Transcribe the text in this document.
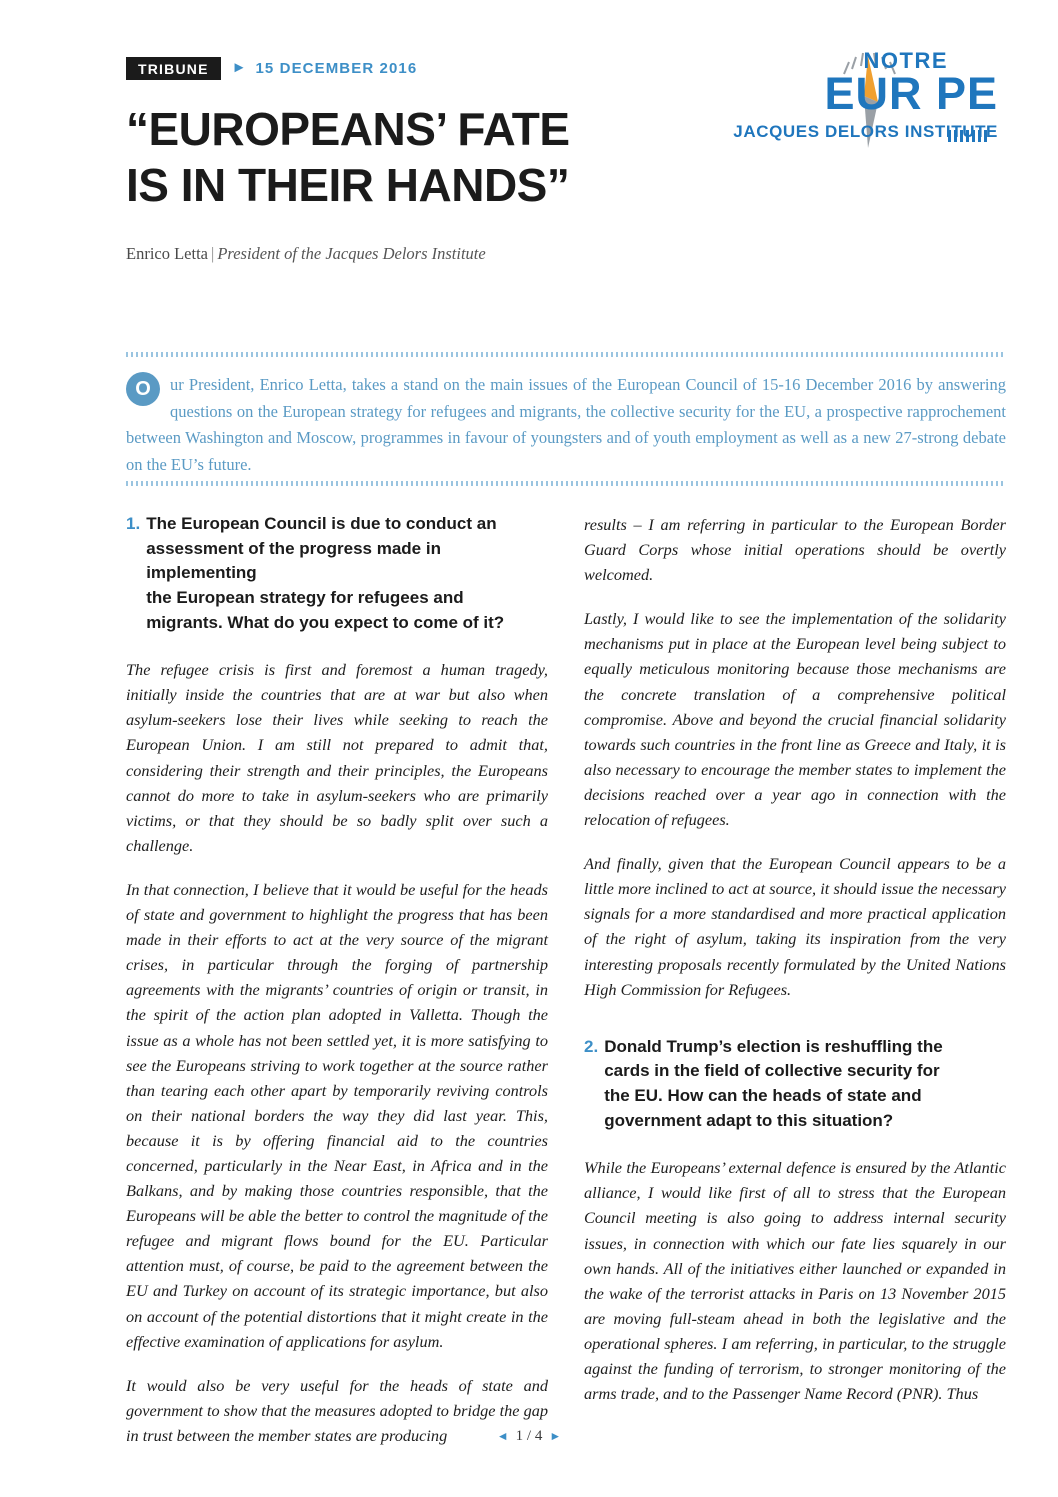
TRIBUNE	► 15 DECEMBER 2016
“EUROPEANS’ FATE
IS IN THEIR HANDS”
Enrico Letta | President of the Jacques Delors Institute
NOTRE
EUR PE
JACQUES DELORS INSTITUTE
O	ur President, Enrico Letta, takes a stand on the main issues of the European Council of 15-16 December 2016 by answering questions on the European strategy for refugees and migrants, the collective security for the EU, a prospective rapprochement between Washington and Moscow, programmes in favour of youngsters and of youth employment as well as a new 27-strong debate on the EU’s future.
1. The European Council is due to conduct an
assessment of the progress made in implementing
the European strategy for refugees and
migrants. What do you expect to come of it?

The refugee crisis is first and foremost a human tragedy, initially inside the countries that are at war but also when asylum-seekers lose their lives while seeking to reach the European Union. I am still not prepared to admit that, considering their strength and their principles, the Europeans cannot do more to take in asylum-seekers who are primarily victims, or that they should be so badly split over such a challenge.

In that connection, I believe that it would be useful for the heads of state and government to highlight the progress that has been made in their efforts to act at the very source of the migrant crises, in particular through the forging of partnership agreements with the migrants’ countries of origin or transit, in the spirit of the action plan adopted in Valletta. Though the issue as a whole has not been settled yet, it is more satisfying to see the Europeans striving to work together at the source rather than tearing each other apart by temporarily reviving controls on their national borders the way they did last year. This, because it is by offering financial aid to the countries concerned, particularly in the Near East, in Africa and in the Balkans, and by making those countries responsible, that the Europeans will be able the better to control the magnitude of the refugee and migrant flows bound for the EU. Particular attention must, of course, be paid to the agreement between the EU and Turkey on account of its strategic importance, but also on account of the potential distortions that it might create in the effective examination of applications for asylum.

It would also be very useful for the heads of state and government to show that the measures adopted to bridge the gap in trust between the member states are producing

results – I am referring in particular to the European Border Guard Corps whose initial operations should be overtly welcomed.

Lastly, I would like to see the implementation of the solidarity mechanisms put in place at the European level being subject to equally meticulous monitoring because those mechanisms are the concrete translation of a comprehensive political compromise. Above and beyond the crucial financial solidarity towards such countries in the front line as Greece and Italy, it is also necessary to encourage the member states to implement the decisions reached over a year ago in connection with the relocation of refugees.

And finally, given that the European Council appears to be a little more inclined to act at source, it should issue the necessary signals for a more standardised and more practical application of the right of asylum, taking its inspiration from the very interesting proposals recently formulated by the United Nations High Commission for Refugees.

2. Donald Trump’s election is reshuffling the
cards in the field of collective security for
the EU. How can the heads of state and
government adapt to this situation?

While the Europeans’ external defence is ensured by the Atlantic alliance, I would like first of all to stress that the European Council meeting is also going to address internal security issues, in connection with which our fate lies squarely in our own hands. All of the initiatives either launched or expanded in the wake of the terrorist attacks in Paris on 13 November 2015 are moving full-steam ahead in both the legislative and the operational spheres. I am referring, in particular, to the struggle against the funding of terrorism, to stronger monitoring of the arms trade, and to the Passenger Name Record (PNR). Thus

◄ 1 / 4 ►
